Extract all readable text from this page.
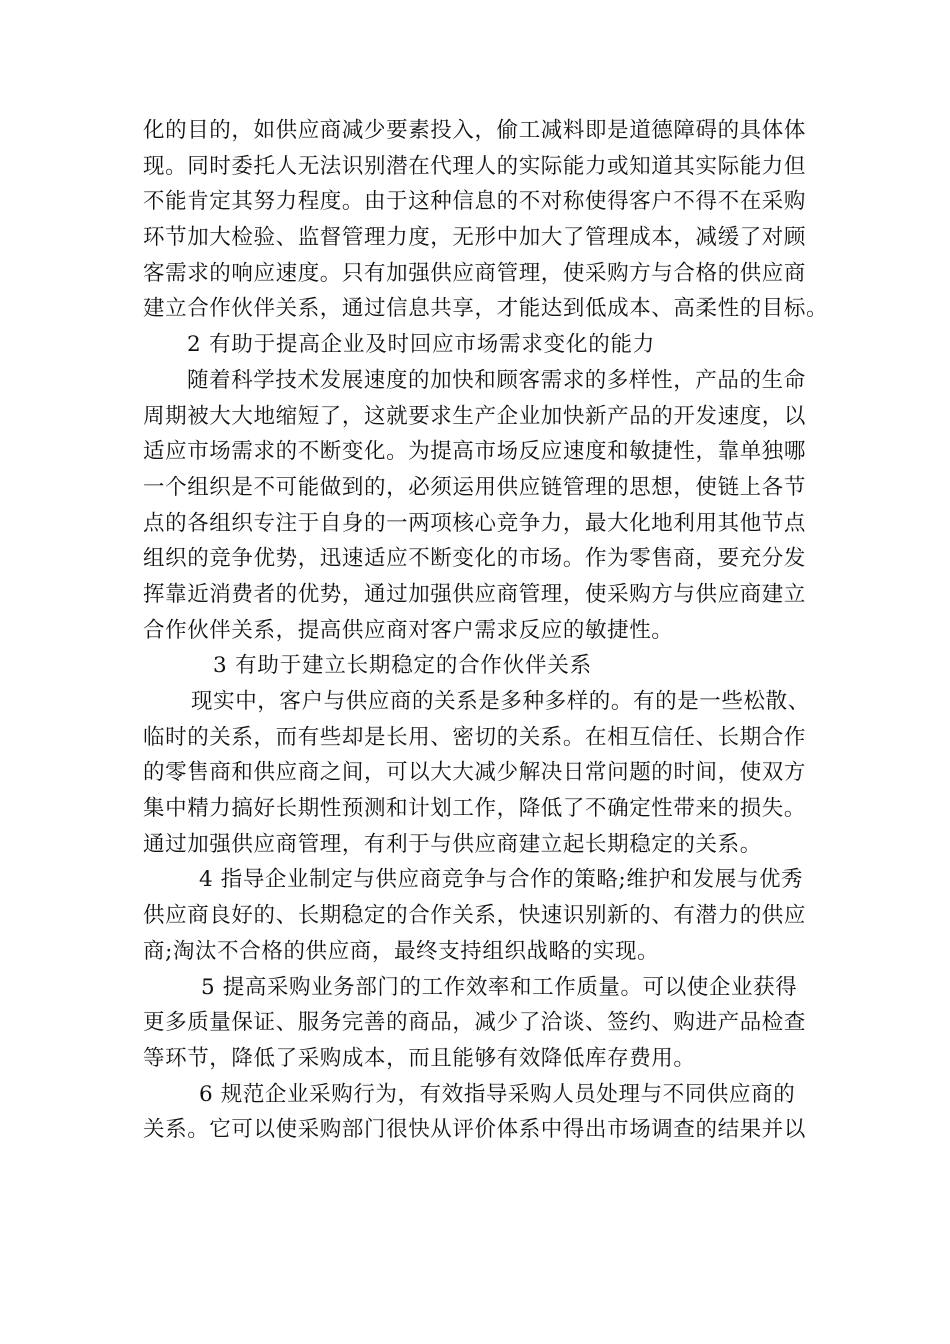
化的目的，如供应商减少要素投入，偷工减料即是道德障碍的具体体
现。同时委托人无法识别潜在代理人的实际能力或知道其实际能力但
不能肯定其努力程度。由于这种信息的不对称使得客户不得不在采购
环节加大检验、监督管理力度，无形中加大了管理成本，减缓了对顾
客需求的响应速度。只有加强供应商管理，使采购方与合格的供应商
建立合作伙伴关系，通过信息共享，才能达到低成本、高柔性的目标。
2 有助于提高企业及时回应市场需求变化的能力
随着科学技术发展速度的加快和顾客需求的多样性，产品的生命
周期被大大地缩短了，这就要求生产企业加快新产品的开发速度，以
适应市场需求的不断变化。为提高市场反应速度和敏捷性，靠单独哪
一个组织是不可能做到的，必须运用供应链管理的思想，使链上各节
点的各组织专注于自身的一两项核心竞争力，最大化地利用其他节点
组织的竞争优势，迅速适应不断变化的市场。作为零售商，要充分发
挥靠近消费者的优势，通过加强供应商管理，使采购方与供应商建立
合作伙伴关系，提高供应商对客户需求反应的敏捷性。
3 有助于建立长期稳定的合作伙伴关系
现实中，客户与供应商的关系是多种多样的。有的是一些松散、
临时的关系，而有些却是长用、密切的关系。在相互信任、长期合作
的零售商和供应商之间，可以大大减少解决日常问题的时间，使双方
集中精力搞好长期性预测和计划工作，降低了不确定性带来的损失。
通过加强供应商管理，有利于与供应商建立起长期稳定的关系。
4 指导企业制定与供应商竞争与合作的策略;维护和发展与优秀
供应商良好的、长期稳定的合作关系，快速识别新的、有潜力的供应
商;淘汰不合格的供应商，最终支持组织战略的实现。
5 提高采购业务部门的工作效率和工作质量。可以使企业获得
更多质量保证、服务完善的商品，减少了洽谈、签约、购进产品检查
等环节，降低了采购成本，而且能够有效降低库存费用。
6 规范企业采购行为，有效指导采购人员处理与不同供应商的
关系。它可以使采购部门很快从评价体系中得出市场调查的结果并以
